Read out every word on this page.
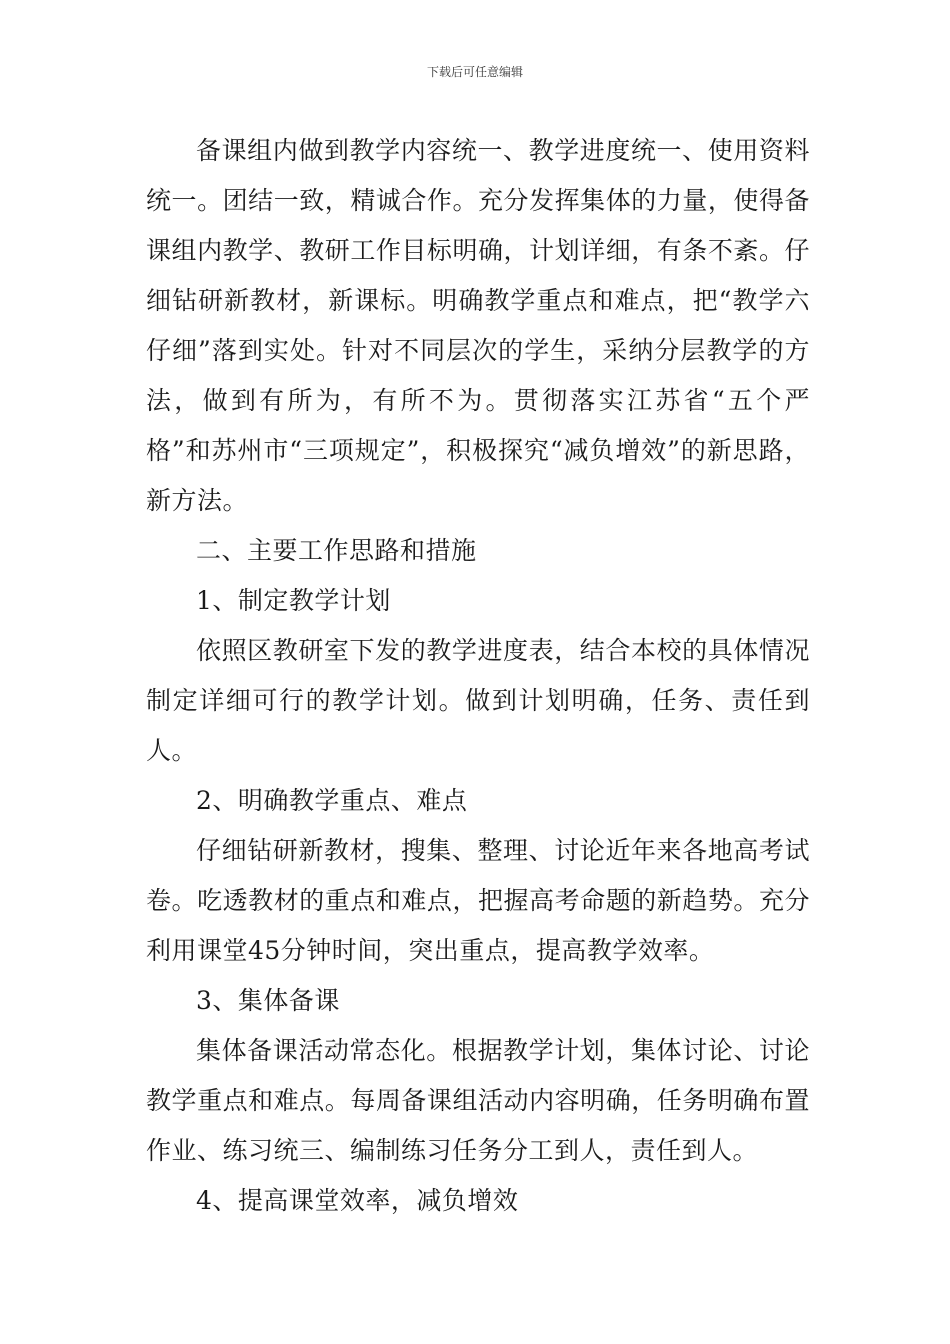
下载后可任意编辑

备课组内做到教学内容统一、教学进度统一、使用资料统一。团结一致，精诚合作。充分发挥集体的力量，使得备课组内教学、教研工作目标明确，计划详细，有条不紊。仔细钻研新教材，新课标。明确教学重点和难点，把“教学六仔细”落到实处。针对不同层次的学生，采纳分层教学的方法，做到有所为，有所不为。贯彻落实江苏省“五个严格”和苏州市“三项规定”，积极探究“减负增效”的新思路，新方法。

二、主要工作思路和措施

1、制定教学计划

依照区教研室下发的教学进度表，结合本校的具体情况制定详细可行的教学计划。做到计划明确，任务、责任到人。

2、明确教学重点、难点

仔细钻研新教材，搜集、整理、讨论近年来各地高考试卷。吃透教材的重点和难点，把握高考命题的新趋势。充分利用课堂45分钟时间，突出重点，提高教学效率。

3、集体备课

集体备课活动常态化。根据教学计划，集体讨论、讨论教学重点和难点。每周备课组活动内容明确，任务明确布置作业、练习统三、编制练习任务分工到人，责任到人。

4、提高课堂效率，减负增效
